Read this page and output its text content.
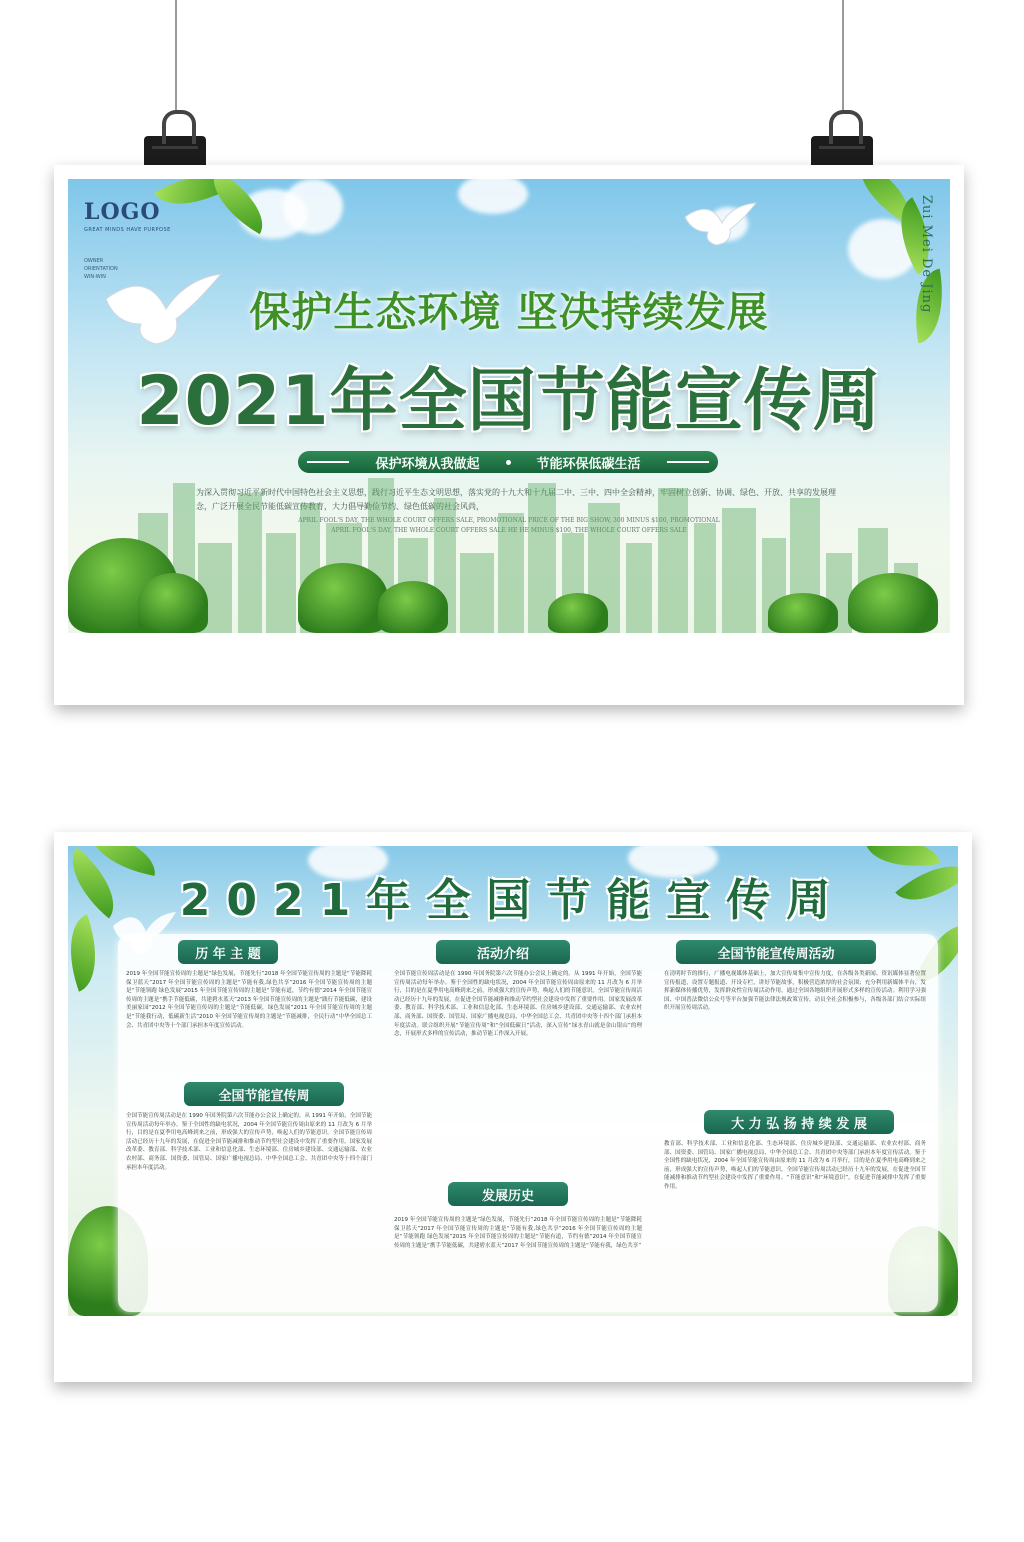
LOGO
GREAT MINDS HAVE PURPOSE
OWNER
ORIENTATION
WIN-WIN	Zui Mei De Jing
保护生态环境 坚决持续发展
2021年全国节能宣传周
保护环境从我做起	节能环保低碳生活
为深入贯彻习近平新时代中国特色社会主义思想，践行习近平生态文明思想，落实党的十九大和十九届二中、三中、四中全会精神，牢固树立创新、协调、绿色、开放、共享的发展理念，广泛开展全民节能低碳宣传教育，大力倡导勤俭节约、绿色低碳的社会风尚，
APRIL FOOL'S DAY, THE WHOLE COURT OFFERS SALE, PROMOTIONAL PRICE OF THE BIG SHOW, 300 MINUS $100, PROMOTIONAL
APRIL FOOL'S DAY, THE WHOLE COURT OFFERS SALE HE HE MINUS $100, THE WHOLE COURT OFFERS SALE
2021年全国节能宣传周
历 年 主 题
2019 年全国节能宣传周的主题是“绿色发展，节能先行”2018 年全国节能宣传周的主题是“节能降耗 保卫蓝天”2017 年全国节能宣传周的主题是“节能有我,绿色共享”2016 年全国节能宣传周的主题是“节能领跑 绿色发展”2015 年全国节能宣传周的主题是“节能有道，节约有德”2014 年全国节能宣传周的主题是“携手节能低碳，共建碧水蓝天”2013 年全国节能宣传周的主题是“践行节能低碳，建设美丽家园”2012 年全国节能宣传周的主题是“节能低碳，绿色发展”2011 年全国节能宣传周的主题是“节能我行动，低碳新生活”2010 年全国节能宣传周的主题是“节能减排，全民行动”中华全国总工会、共青团中央等十个部门承担本年度宣传活动。
全国节能宣传周
全国节能宣传周活动是在 1990 年国务院第六次节能办公会议上确定的。从 1991 年开始，全国节能宣传周活动每年举办。鉴于全国性的缺电状况，2004 年全国节能宣传周由原来的 11 月改为 6 月举行，目的是在夏季用电高峰到来之前，形成强大的宣传声势，唤起人们的节能意识。全国节能宣传周活动已经历十九年的发展，在促进全国节能减排和推动节约型社会建设中发挥了重要作用。国家发展改革委、教育部、科学技术部、工业和信息化部、生态环境部、住房城乡建设部、交通运输部、农业农村部、商务部、国资委、国管局、国家广播电视总局、中华全国总工会、共青团中央等十四个部门承担本年度活动。
活动介绍
全国节能宣传周活动是在 1990 年国务院第六次节能办公会议上确定的。从 1991 年开始，全国节能宣传周活动每年举办。鉴于全国性的缺电状况，2004 年全国节能宣传周由原来的 11 月改为 6 月举行，目的是在夏季用电高峰到来之前，形成强大的宣传声势，唤起人们的节能意识。全国节能宣传周活动已经历十九年的发展，在促进全国节能减排和推动节约型社会建设中发挥了重要作用。国家发展改革委、教育部、科学技术部、工业和信息化部、生态环境部、住房城乡建设部、交通运输部、农业农村部、商务部、国资委、国管局、国家广播电视总局、中华全国总工会、共青团中央等十四个部门承担本年度活动。联合组织开展“节能宣传周”和“全国低碳日”活动，深入宣传“绿水青山就是金山银山”的理念，开展形式多样的宣传活动，推动节能工作深入开展。
发展历史
2019 年全国节能宣传周的主题是“绿色发展，节能先行”2018 年全国节能宣传周的主题是“节能降耗 保卫蓝天”2017 年全国节能宣传周的主题是“节能有我,绿色共享”2016 年全国节能宣传周的主题是“节能领跑 绿色发展”2015 年全国节能宣传周的主题是“节能有道，节约有德”2014 年全国节能宣传周的主题是“携手节能低碳，共建碧水蓝天”2017 年全国节能宣传周的主题是“节能有我，绿色共享”
全国节能宣传周活动
在清明时节的推行，广播电视媒体基础上，加大宣传周集中宣传力度，在各级各类新闻、资讯媒体显著位置宣传报道，设置专题报道、开设专栏，讲好节能故事，积极营造浓厚的社会氛围；充分利用新媒体平台，发挥新媒体传播优势，发挥群众性宣传周活动作用，通过全国各地组织开展形式多样的宣传活动。利用学习强国、中国普法微信公众号等平台加强节能法律法规政策宣传，动员全社会积极参与，各级各部门结合实际组织开展宣传周活动。
大 力 弘 扬 持 续 发 展
教育部、科学技术部、工业和信息化部、生态环境部、住房城乡建设部、交通运输部、农业农村部、商务部、国资委、国管局、国家广播电视总局、中华全国总工会、共青团中央等部门承担本年度宣传活动。鉴于全国性的缺电状况，2004 年全国节能宣传周由原来的 11 月改为 6 月举行，目的是在夏季用电高峰到来之前，形成强大的宣传声势，唤起人们的节能意识。全国节能宣传周活动已经历十九年的发展，在促进全国节能减排和推动节约型社会建设中发挥了重要作用。“节能意识”和“环境意识”，在促进节能减排中发挥了重要作用。
